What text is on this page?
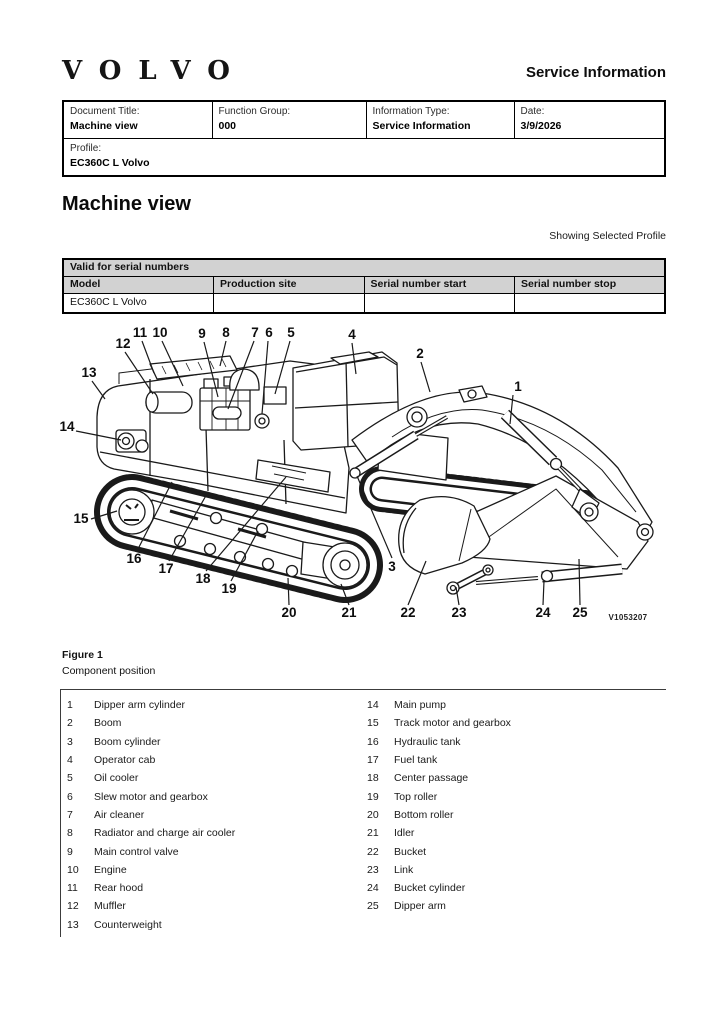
VOLVO	Service Information
Document Title:
Machine view

Function Group:
000

Information Type:
Service Information

Date:
3/9/2026

Profile:
EC360C L Volvo
Machine view
Showing Selected Profile
Valid for serial numbers			
Model	Production site	Serial number start	Serial number stop
EC360C L Volvo			
1
2
3
4
5
6
7
8
9
10
11
12
13
14
15
16
17
18
19
20	21	22	23	24 25	V1053207
Figure 1
Component position
1	Dipper arm cylinder
2	Boom
3	Boom cylinder
4	Operator cab
5	Oil cooler
6	Slew motor and gearbox
7	Air cleaner
8	Radiator and charge air cooler
9	Main control valve
10	Engine
11	Rear hood
12	Muffler
13	Counterweight
14	Main pump
15	Track motor and gearbox
16	Hydraulic tank
17	Fuel tank
18	Center passage
19	Top roller
20	Bottom roller
21	Idler
22	Bucket
23	Link
24	Bucket cylinder
25	Dipper arm
